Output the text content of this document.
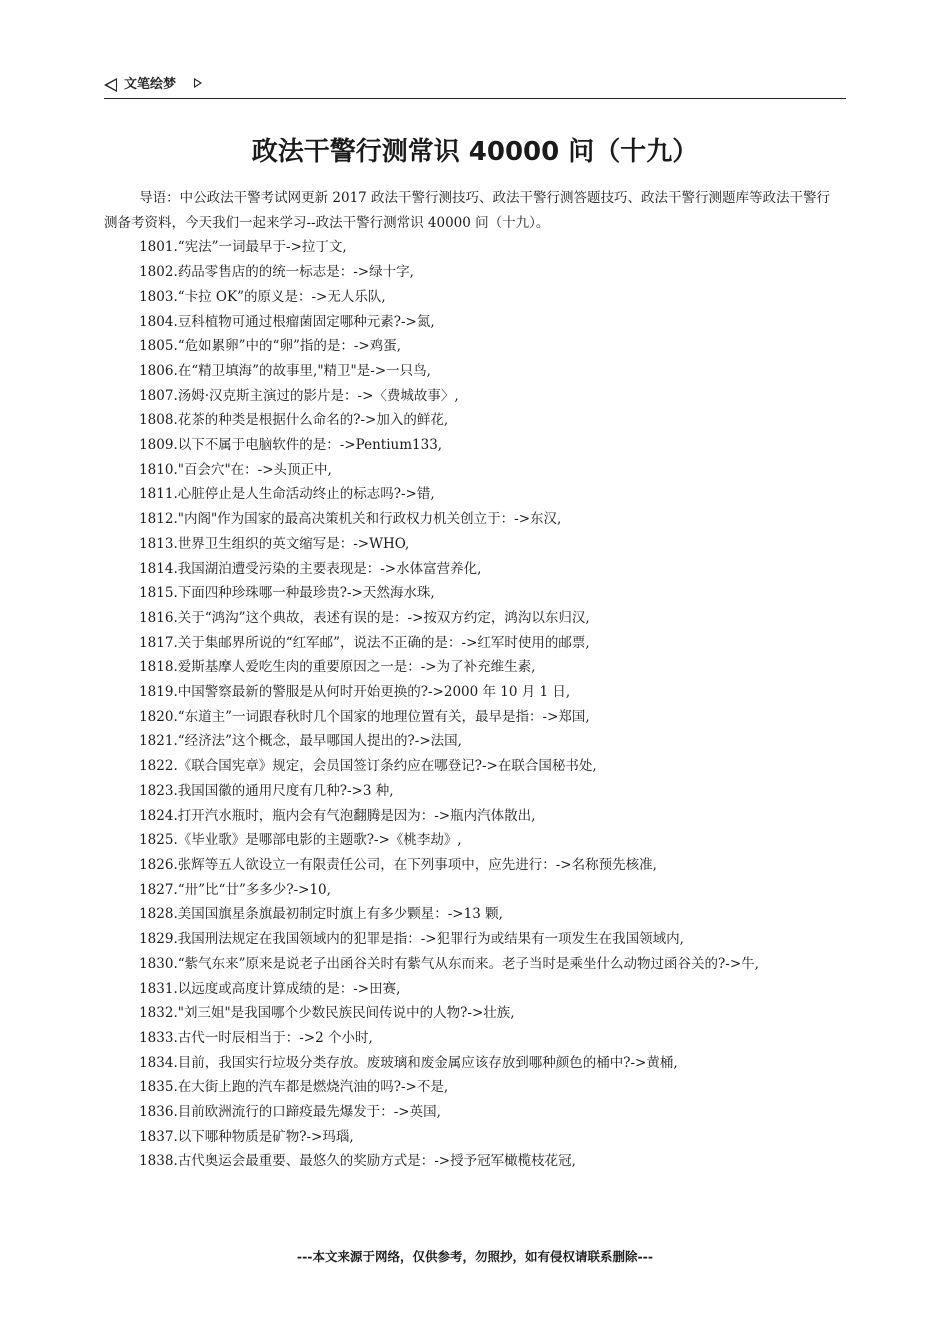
文笔绘梦
政法干警行测常识 40000 问（十九）

导语：中公政法干警考试网更新 2017 政法干警行测技巧、政法干警行测答题技巧、政法干警行测题库等政法干警行测备考资料，今天我们一起来学习--政法干警行测常识 40000 问（十九）。

1801.“宪法”一词最早于->拉丁文,

1802.药品零售店的的统一标志是：->绿十字,

1803.“卡拉 OK”的原义是：->无人乐队,

1804.豆科植物可通过根瘤菌固定哪种元素?->氮,

1805.“危如累卵”中的“卵”指的是：->鸡蛋,

1806.在“精卫填海”的故事里,"精卫"是->一只鸟,

1807.汤姆·汉克斯主演过的影片是：->〈费城故事〉,

1808.花茶的种类是根据什么命名的?->加入的鲜花,

1809.以下不属于电脑软件的是：->Pentium133,

1810."百会穴"在：->头顶正中,

1811.心脏停止是人生命活动终止的标志吗?->错,

1812."内阁"作为国家的最高决策机关和行政权力机关创立于：->东汉,

1813.世界卫生组织的英文缩写是：->WHO,

1814.我国湖泊遭受污染的主要表现是：->水体富营养化,

1815.下面四种珍珠哪一种最珍贵?->天然海水珠,

1816.关于“鸿沟”这个典故，表述有误的是：->按双方约定，鸿沟以东归汉,

1817.关于集邮界所说的“红军邮”，说法不正确的是：->红军时使用的邮票,

1818.爱斯基摩人爱吃生肉的重要原因之一是：->为了补充维生素,

1819.中国警察最新的警服是从何时开始更换的?->2000 年 10 月 1 日,

1820.“东道主”一词跟春秋时几个国家的地理位置有关，最早是指：->郑国,

1821.“经济法”这个概念，最早哪国人提出的?->法国,

1822.《联合国宪章》规定，会员国签订条约应在哪登记?->在联合国秘书处,

1823.我国国徽的通用尺度有几种?->3 种,

1824.打开汽水瓶时，瓶内会有气泡翻腾是因为：->瓶内汽体散出,

1825.《毕业歌》是哪部电影的主题歌?->《桃李劫》,

1826.张辉等五人欲设立一有限责任公司，在下列事项中，应先进行：->名称预先核准,

1827.“卅”比“廿”多多少?->10,

1828.美国国旗星条旗最初制定时旗上有多少颗星：->13 颗,

1829.我国刑法规定在我国领域内的犯罪是指：->犯罪行为或结果有一项发生在我国领域内,

1830.“紫气东来”原来是说老子出函谷关时有紫气从东而来。老子当时是乘坐什么动物过函谷关的?->牛,

1831.以远度或高度计算成绩的是：->田赛,

1832."刘三姐"是我国哪个少数民族民间传说中的人物?->壮族,

1833.古代一时辰相当于：->2 个小时,

1834.目前，我国实行垃圾分类存放。废玻璃和废金属应该存放到哪种颜色的桶中?->黄桶,

1835.在大街上跑的汽车都是燃烧汽油的吗?->不是,

1836.目前欧洲流行的口蹄疫最先爆发于：->英国,

1837.以下哪种物质是矿物?->玛瑙,

1838.古代奥运会最重要、最悠久的奖励方式是：->授予冠军橄榄枝花冠,

---本文来源于网络，仅供参考，勿照抄，如有侵权请联系删除---
